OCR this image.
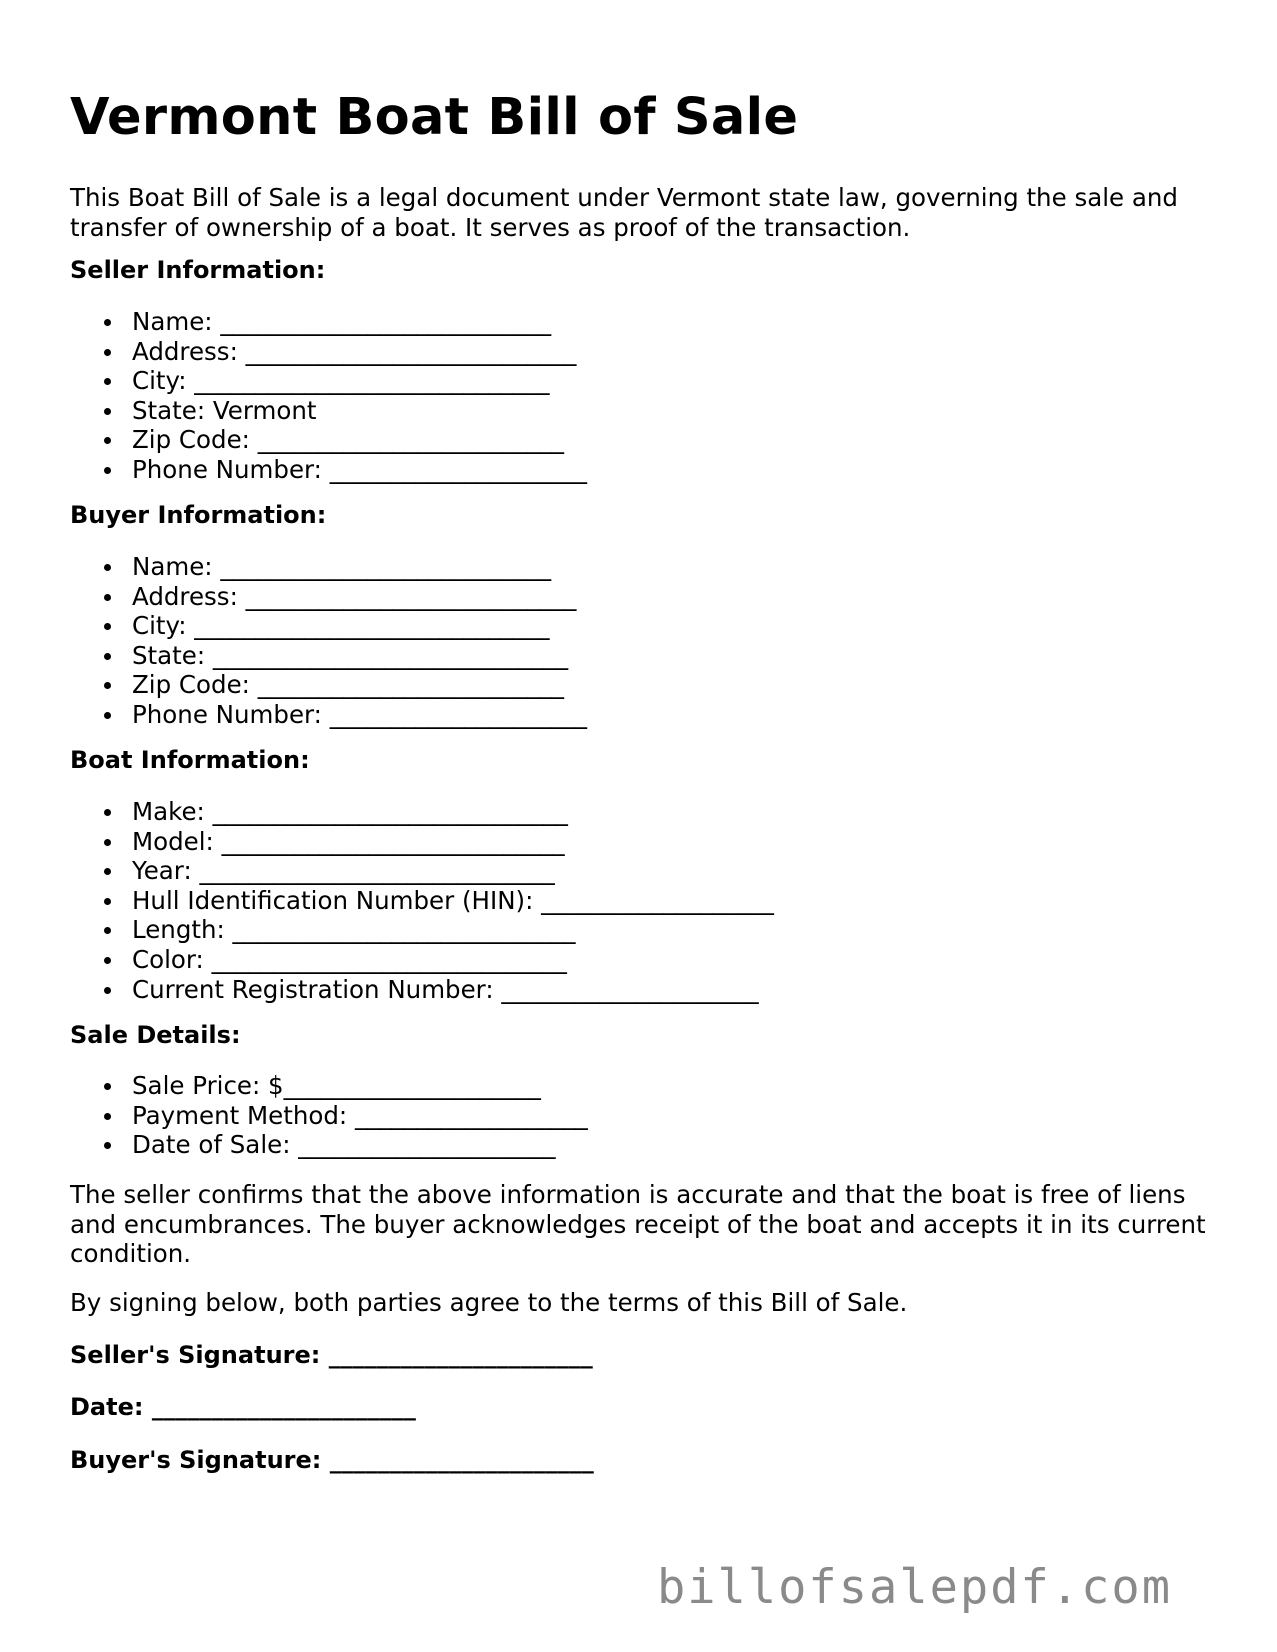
Vermont Boat Bill of Sale

This Boat Bill of Sale is a legal document under Vermont state law, governing the sale and transfer of ownership of a boat. It serves as proof of the transaction.

Seller Information:
Name: ___________________________
Address: ___________________________
City: _____________________________
State: Vermont
Zip Code: _________________________
Phone Number: _____________________
Buyer Information:
Name: ___________________________
Address: ___________________________
City: _____________________________
State: _____________________________
Zip Code: _________________________
Phone Number: _____________________
Boat Information:
Make: _____________________________
Model: ____________________________
Year: _____________________________
Hull Identification Number (HIN): ___________________
Length: ____________________________
Color: _____________________________
Current Registration Number: _____________________
Sale Details:
Sale Price: $_____________________
Payment Method: ___________________
Date of Sale: _____________________

The seller confirms that the above information is accurate and that the boat is free of liens and encumbrances. The buyer acknowledges receipt of the boat and accepts it in its current condition.

By signing below, both parties agree to the terms of this Bill of Sale.

Seller's Signature: ______________________
Date: ______________________
Buyer's Signature: ______________________
billofsalepdf.com
